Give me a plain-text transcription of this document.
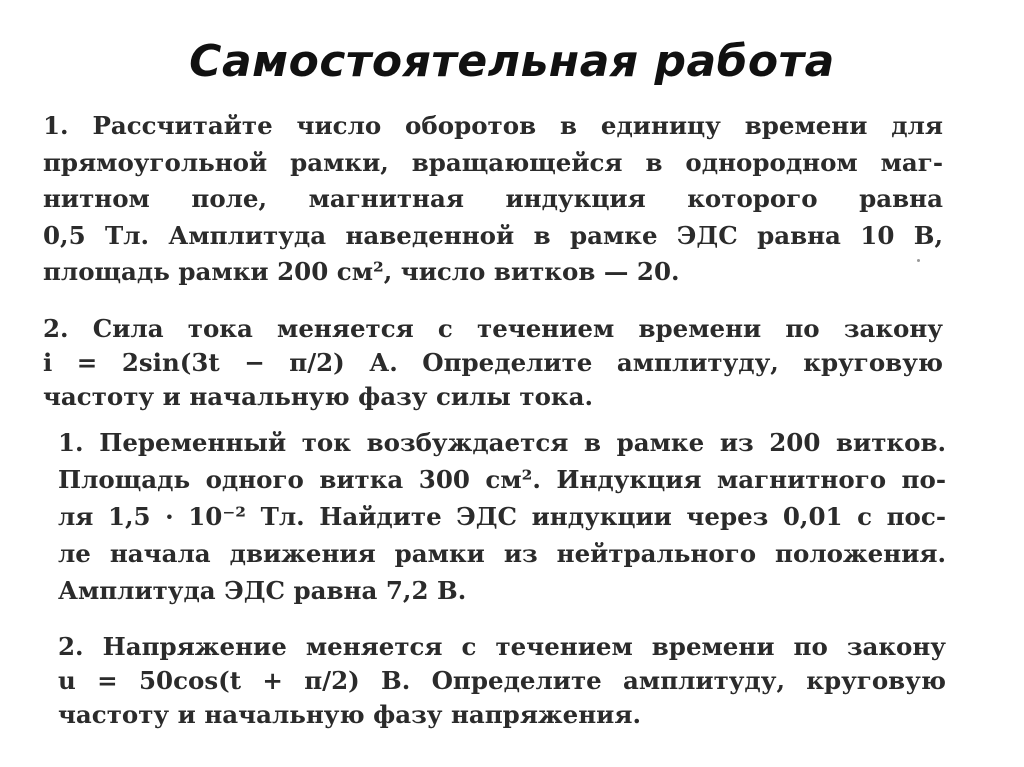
Самостоятельная работа
1. Рассчитайте число оборотов в единицу времени для
прямоугольной рамки, вращающейся в однородном маг-
нитном поле, магнитная индукция которого равна
0,5 Тл. Амплитуда наведенной в рамке ЭДС равна 10 В,
площадь рамки 200 см², число витков — 20.
2. Сила тока меняется с течением времени по закону
i = 2sin(3t − π/2) А. Определите амплитуду, круговую
частоту и начальную фазу силы тока.
1. Переменный ток возбуждается в рамке из 200 витков.
Площадь одного витка 300 см². Индукция магнитного по-
ля 1,5 · 10⁻² Тл. Найдите ЭДС индукции через 0,01 с пос-
ле начала движения рамки из нейтрального положения.
Амплитуда ЭДС равна 7,2 В.
2. Напряжение меняется с течением времени по закону
u = 50cos(t + π/2) В. Определите амплитуду, круговую
частоту и начальную фазу напряжения.
